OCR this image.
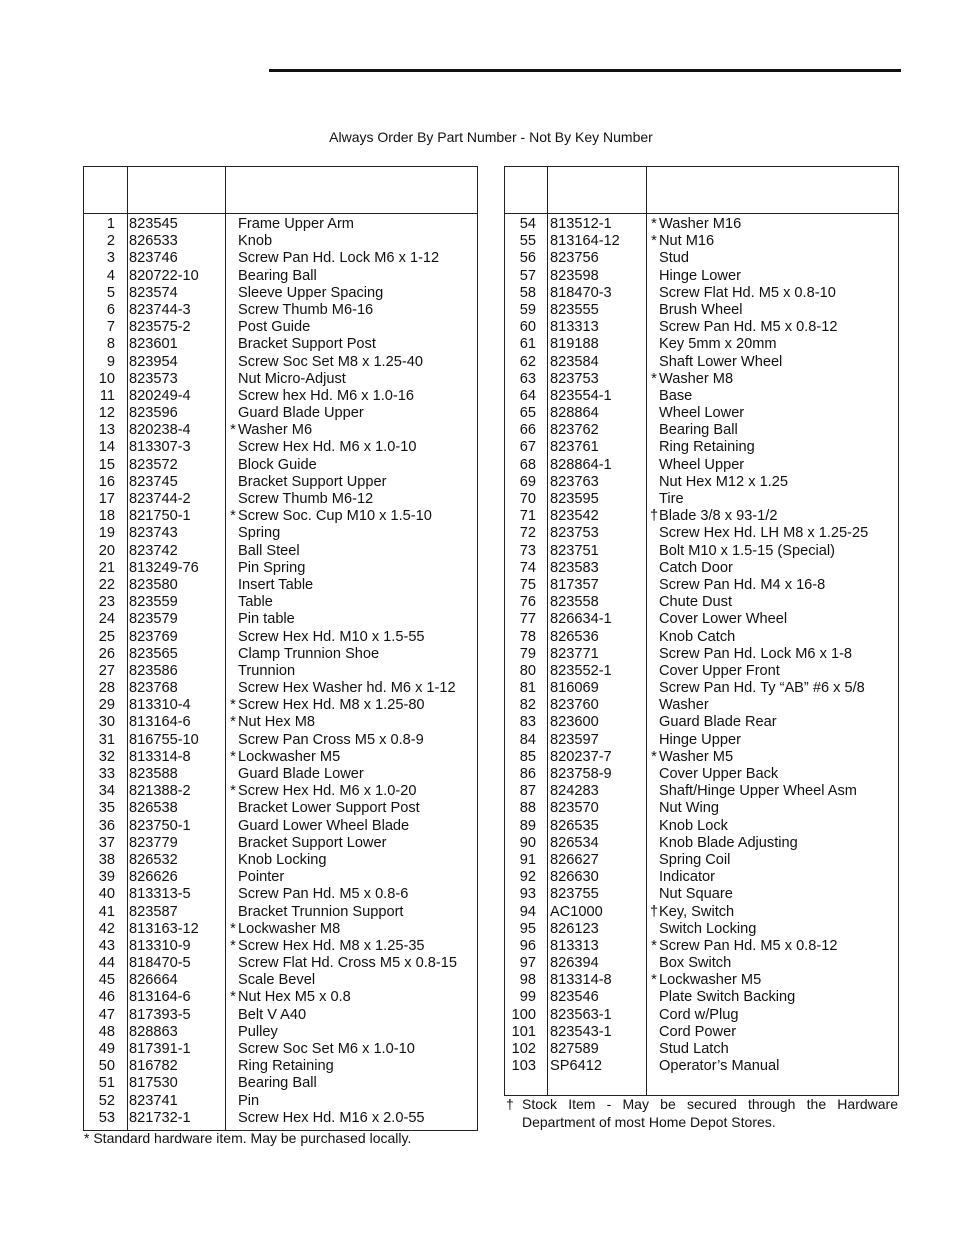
Always Order By Part Number - Not By Key Number
1 823545	Frame Upper Arm
2 826533	Knob
3 823746	Screw Pan Hd. Lock M6 x 1-12
4 820722-10	Bearing Ball
5 823574	Sleeve Upper Spacing
6 823744-3	Screw Thumb M6-16
7 823575-2	Post Guide
8 823601	Bracket Support Post
9 823954	Screw Soc Set M8 x 1.25-40
10 823573	Nut Micro-Adjust
11 820249-4	Screw hex Hd. M6 x 1.0-16
12 823596	Guard Blade Upper
13 820238-4	* Washer M6
14 813307-3	Screw Hex Hd. M6 x 1.0-10
15 823572	Block Guide
16 823745	Bracket Support Upper
17 823744-2	Screw Thumb M6-12
18 821750-1	* Screw Soc. Cup M10 x 1.5-10
19 823743	Spring
20 823742	Ball Steel
21 813249-76	Pin Spring
22 823580	Insert Table
23 823559	Table
24 823579	Pin table
25 823769	Screw Hex Hd. M10 x 1.5-55
26 823565	Clamp Trunnion Shoe
27 823586	Trunnion
28 823768	Screw Hex Washer hd. M6 x 1-12
29 813310-4	* Screw Hex Hd. M8 x 1.25-80
30 813164-6	* Nut Hex M8
31 816755-10	Screw Pan Cross M5 x 0.8-9
32 813314-8	* Lockwasher M5
33 823588	Guard Blade Lower
34 821388-2	* Screw Hex Hd. M6 x 1.0-20
35 826538	Bracket Lower Support Post
36 823750-1	Guard Lower Wheel Blade
37 823779	Bracket Support Lower
38 826532	Knob Locking
39 826626	Pointer
40 813313-5	Screw Pan Hd. M5 x 0.8-6
41 823587	Bracket Trunnion Support
42 813163-12 * Lockwasher M8
43 813310-9	* Screw Hex Hd. M8 x 1.25-35
44 818470-5	Screw Flat Hd. Cross M5 x 0.8-15
45 826664	Scale Bevel
46 813164-6	* Nut Hex M5 x 0.8
47 817393-5	Belt V A40
48 828863	Pulley
49 817391-1	Screw Soc Set M6 x 1.0-10
50 816782	Ring Retaining
51 817530	Bearing Ball
52 823741	Pin
53 821732-1	Screw Hex Hd. M16 x 2.0-55
54 813512-1	* Washer M16
55 813164-12 * Nut M16
56 823756	Stud
57 823598	Hinge Lower
58 818470-3	Screw Flat Hd. M5 x 0.8-10
59 823555	Brush Wheel
60 813313	Screw Pan Hd. M5 x 0.8-12
61 819188	Key 5mm x 20mm
62 823584	Shaft Lower Wheel
63 823753	* Washer M8
64 823554-1	Base
65 828864	Wheel Lower
66 823762	Bearing Ball
67 823761	Ring Retaining
68 828864-1	Wheel Upper
69 823763	Nut Hex M12 x 1.25
70 823595	Tire
71 823542	† Blade 3/8 x 93-1/2
72 823753	Screw Hex Hd. LH M8 x 1.25-25
73 823751	Bolt M10 x 1.5-15 (Special)
74 823583	Catch Door
75 817357	Screw Pan Hd. M4 x 16-8
76 823558	Chute Dust
77 826634-1	Cover Lower Wheel
78 826536	Knob Catch
79 823771	Screw Pan Hd. Lock M6 x 1-8
80 823552-1	Cover Upper Front
81 816069	Screw Pan Hd. Ty “AB” #6 x 5/8
82 823760	Washer
83 823600	Guard Blade Rear
84 823597	Hinge Upper
85 820237-7	* Washer M5
86 823758-9	Cover Upper Back
87 824283	Shaft/Hinge Upper Wheel Asm
88 823570	Nut Wing
89 826535	Knob Lock
90 826534	Knob Blade Adjusting
91 826627	Spring Coil
92 826630	Indicator
93 823755	Nut Square
94 AC1000	† Key, Switch
95 826123	Switch Locking
96 813313	* Screw Pan Hd. M5 x 0.8-12
97 826394	Box Switch
98 813314-8	* Lockwasher M5
99 823546	Plate Switch Backing
100 823563-1	Cord w/Plug
101 823543-1	Cord Power
102 827589	Stud Latch
103 SP6412	Operator’s Manual
* Standard hardware item. May be purchased locally.
† Stock Item - May be secured through the Hardware Department of most Home Depot Stores.
